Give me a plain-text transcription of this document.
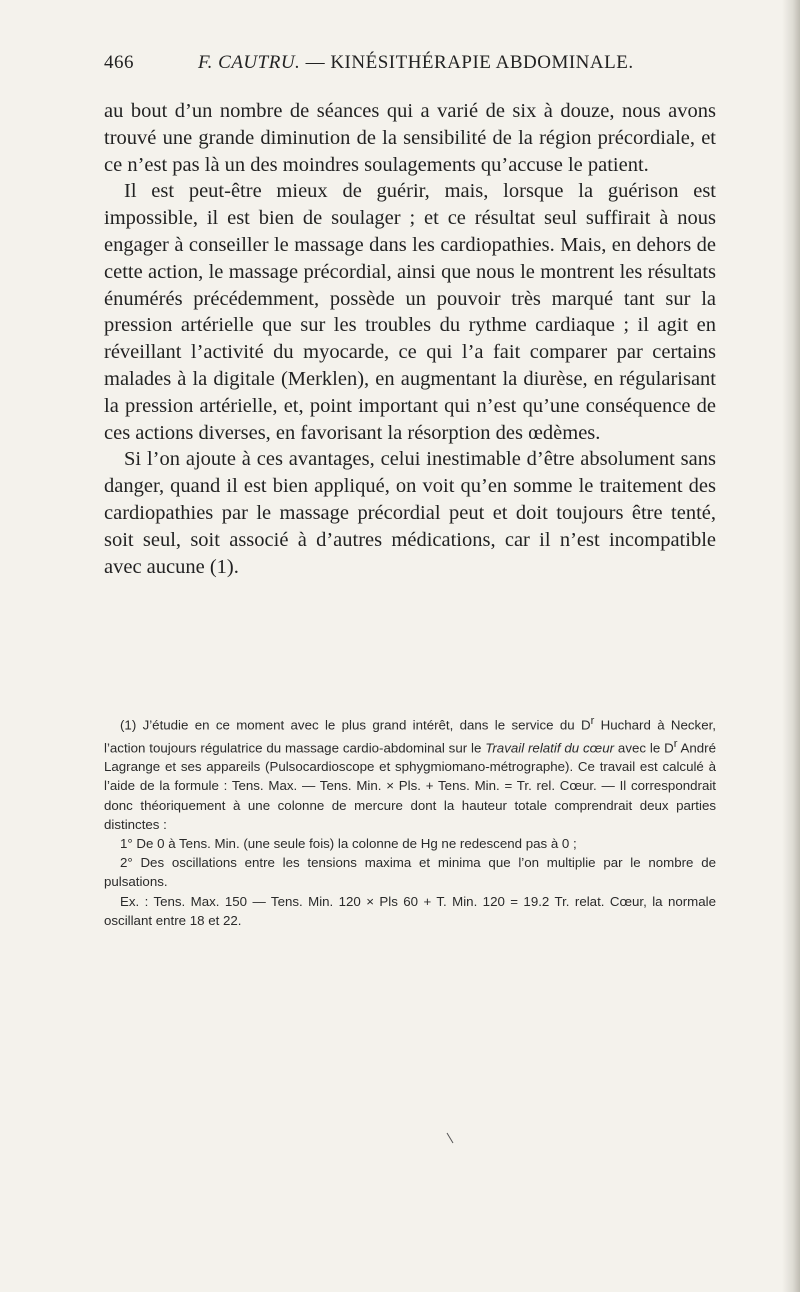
466	F. CAUTRU. — KINÉSITHÉRAPIE ABDOMINALE.

au bout d’un nombre de séances qui a varié de six à douze, nous avons trouvé une grande diminution de la sensibilité de la région précordiale, et ce n’est pas là un des moindres soulagements qu’accuse le patient.

Il est peut-être mieux de guérir, mais, lorsque la guérison est impossible, il est bien de soulager ; et ce résultat seul suffirait à nous engager à conseiller le massage dans les cardiopathies. Mais, en dehors de cette action, le massage précordial, ainsi que nous le montrent les résultats énumérés précédemment, possède un pouvoir très marqué tant sur la pression artérielle que sur les troubles du rythme cardiaque ; il agit en réveillant l’activité du myocarde, ce qui l’a fait comparer par certains malades à la digitale (Merklen), en augmentant la diurèse, en régularisant la pression artérielle, et, point important qui n’est qu’une conséquence de ces actions diverses, en favorisant la résorption des œdèmes.

Si l’on ajoute à ces avantages, celui inestimable d’être absolument sans danger, quand il est bien appliqué, on voit qu’en somme le traitement des cardiopathies par le massage précordial peut et doit toujours être tenté, soit seul, soit associé à d’autres médications, car il n’est incompatible avec aucune (1).

(1) J’étudie en ce moment avec le plus grand intérêt, dans le service du $D^r$ Huchard à Necker, l’action toujours régulatrice du massage cardio-abdominal sur le Travail relatif du cœur avec le $D^r$ André Lagrange et ses appareils (Pulsocardioscope et sphygmiomano-métrographe). Ce travail est calculé à l’aide de la formule : Tens. Max. — Tens. Min. × Pls. + Tens. Min. = Tr. rel. Cœur. — Il correspondrait donc théoriquement à une colonne de mercure dont la hauteur totale comprendrait deux parties distinctes :

1° De 0 à Tens. Min. (une seule fois) la colonne de Hg ne redescend pas à 0 ;

2° Des oscillations entre les tensions maxima et minima que l’on multiplie par le nombre de pulsations.

Ex. : Tens. Max. 150 — Tens. Min. 120 × Pls 60 + T. Min. 120 = 19.2 Tr. relat. Cœur, la normale oscillant entre 18 et 22.
